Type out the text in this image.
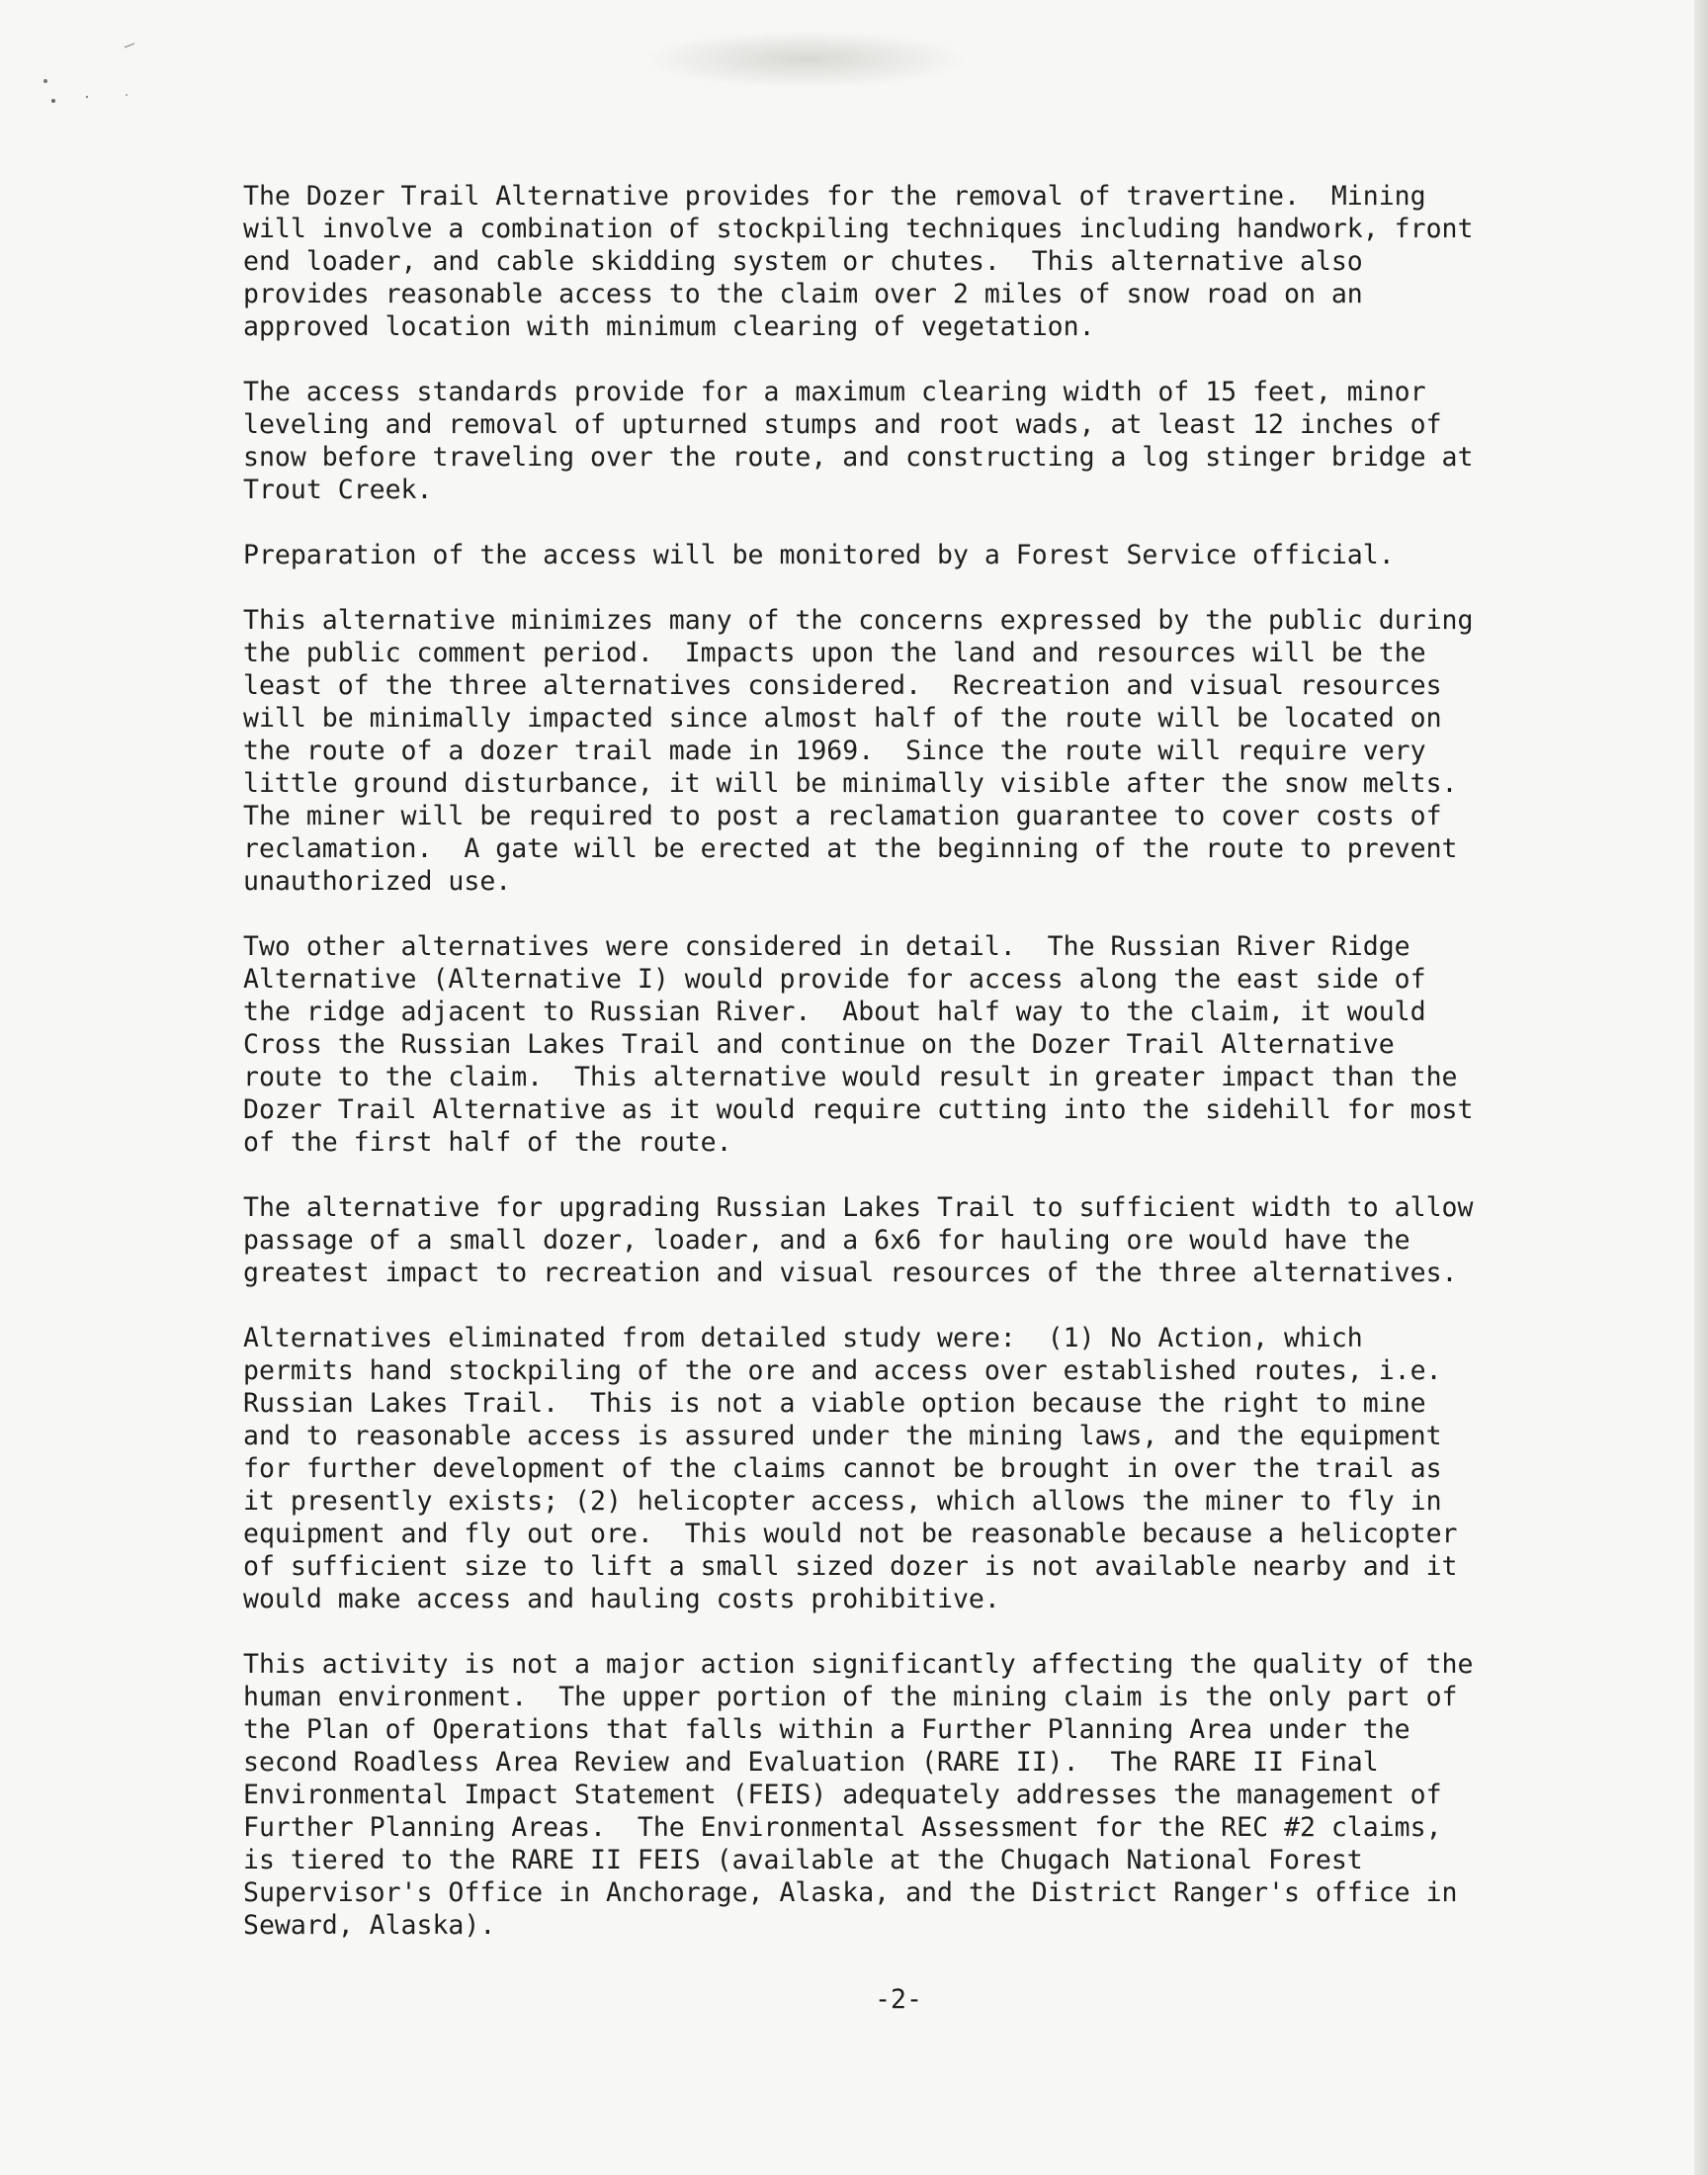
The Dozer Trail Alternative provides for the removal of travertine.  Mining
will involve a combination of stockpiling techniques including handwork, front
end loader, and cable skidding system or chutes.  This alternative also
provides reasonable access to the claim over 2 miles of snow road on an
approved location with minimum clearing of vegetation.

The access standards provide for a maximum clearing width of 15 feet, minor
leveling and removal of upturned stumps and root wads, at least 12 inches of
snow before traveling over the route, and constructing a log stinger bridge at
Trout Creek.

Preparation of the access will be monitored by a Forest Service official.

This alternative minimizes many of the concerns expressed by the public during
the public comment period.  Impacts upon the land and resources will be the
least of the three alternatives considered.  Recreation and visual resources
will be minimally impacted since almost half of the route will be located on
the route of a dozer trail made in 1969.  Since the route will require very
little ground disturbance, it will be minimally visible after the snow melts.
The miner will be required to post a reclamation guarantee to cover costs of
reclamation.  A gate will be erected at the beginning of the route to prevent
unauthorized use.

Two other alternatives were considered in detail.  The Russian River Ridge
Alternative (Alternative I) would provide for access along the east side of
the ridge adjacent to Russian River.  About half way to the claim, it would
Cross the Russian Lakes Trail and continue on the Dozer Trail Alternative
route to the claim.  This alternative would result in greater impact than the
Dozer Trail Alternative as it would require cutting into the sidehill for most
of the first half of the route.

The alternative for upgrading Russian Lakes Trail to sufficient width to allow
passage of a small dozer, loader, and a 6x6 for hauling ore would have the
greatest impact to recreation and visual resources of the three alternatives.

Alternatives eliminated from detailed study were:  (1) No Action, which
permits hand stockpiling of the ore and access over established routes, i.e.
Russian Lakes Trail.  This is not a viable option because the right to mine
and to reasonable access is assured under the mining laws, and the equipment
for further development of the claims cannot be brought in over the trail as
it presently exists; (2) helicopter access, which allows the miner to fly in
equipment and fly out ore.  This would not be reasonable because a helicopter
of sufficient size to lift a small sized dozer is not available nearby and it
would make access and hauling costs prohibitive.

This activity is not a major action significantly affecting the quality of the
human environment.  The upper portion of the mining claim is the only part of
the Plan of Operations that falls within a Further Planning Area under the
second Roadless Area Review and Evaluation (RARE II).  The RARE II Final
Environmental Impact Statement (FEIS) adequately addresses the management of
Further Planning Areas.  The Environmental Assessment for the REC #2 claims,
is tiered to the RARE II FEIS (available at the Chugach National Forest
Supervisor's Office in Anchorage, Alaska, and the District Ranger's office in
Seward, Alaska).

-2-
